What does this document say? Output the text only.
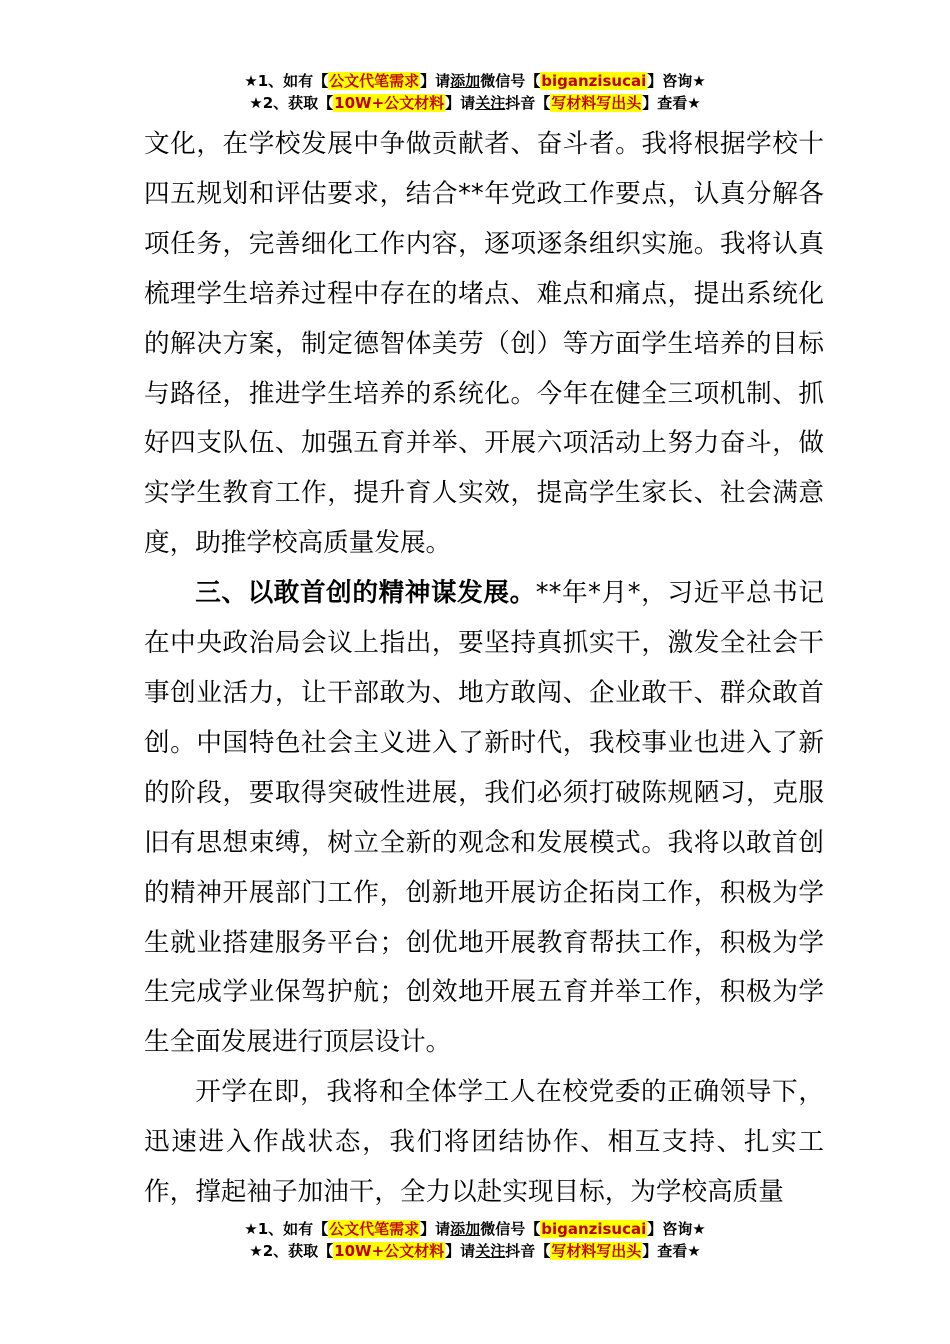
★1、如有【公文代笔需求】请添加微信号【biganzisucai】咨询★
★2、获取【10W+公文材料】请关注抖音【写材料写出头】查看★

文化，在学校发展中争做贡献者、奋斗者。我将根据学校十四五规划和评估要求，结合**年党政工作要点，认真分解各项任务，完善细化工作内容，逐项逐条组织实施。我将认真梳理学生培养过程中存在的堵点、难点和痛点，提出系统化的解决方案，制定德智体美劳（创）等方面学生培养的目标与路径，推进学生培养的系统化。今年在健全三项机制、抓好四支队伍、加强五育并举、开展六项活动上努力奋斗，做实学生教育工作，提升育人实效，提高学生家长、社会满意度，助推学校高质量发展。

三、以敢首创的精神谋发展。**年*月*，习近平总书记在中央政治局会议上指出，要坚持真抓实干，激发全社会干事创业活力，让干部敢为、地方敢闯、企业敢干、群众敢首创。中国特色社会主义进入了新时代，我校事业也进入了新的阶段，要取得突破性进展，我们必须打破陈规陋习，克服旧有思想束缚，树立全新的观念和发展模式。我将以敢首创的精神开展部门工作，创新地开展访企拓岗工作，积极为学生就业搭建服务平台；创优地开展教育帮扶工作，积极为学生完成学业保驾护航；创效地开展五育并举工作，积极为学生全面发展进行顶层设计。

开学在即，我将和全体学工人在校党委的正确领导下，迅速进入作战状态，我们将团结协作、相互支持、扎实工作，撑起袖子加油干，全力以赴实现目标，为学校高质量

★1、如有【公文代笔需求】请添加微信号【biganzisucai】咨询★
★2、获取【10W+公文材料】请关注抖音【写材料写出头】查看★
